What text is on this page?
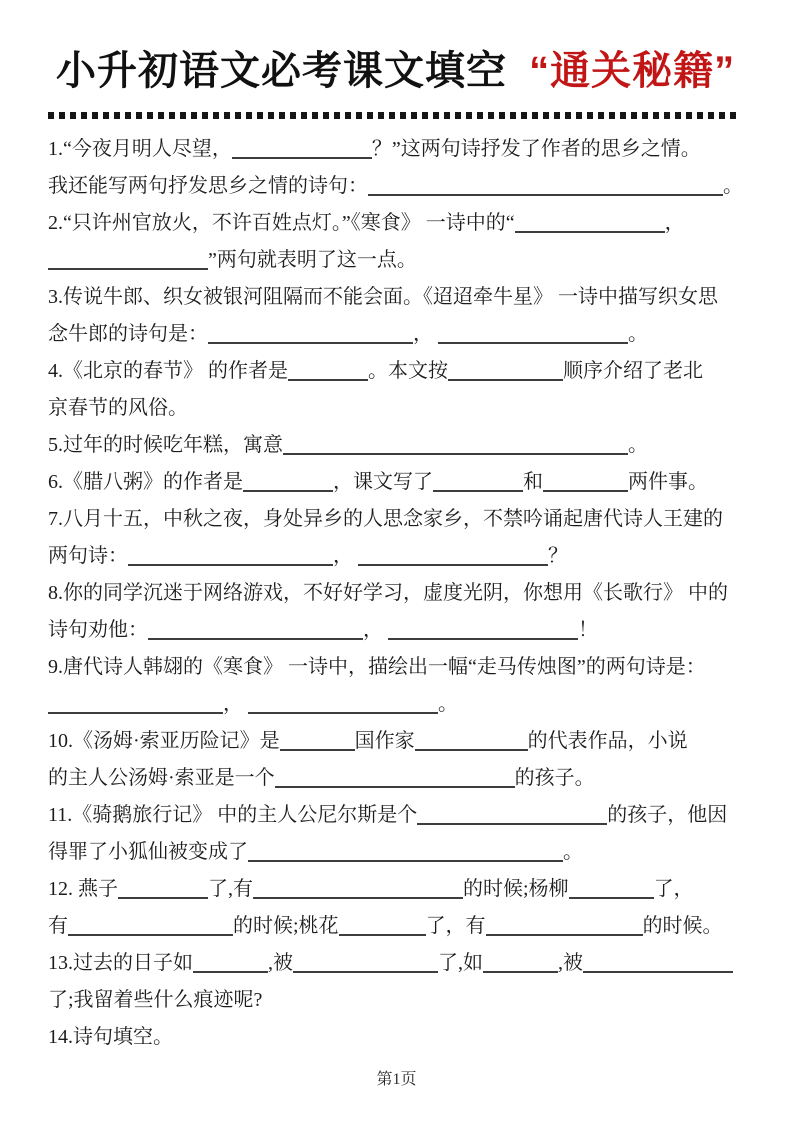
小升初语文必考课文填空 “通关秘籍”
1.“今夜月明人尽望，	？”这两句诗抒发了作者的思乡之情。
我还能写两句抒发思乡之情的诗句：	。
2.“只许州官放火，不许百姓点灯。”《寒食》 一诗中的“	，
”两句就表明了这一点。
3.传说牛郎、织女被银河阻隔而不能会面。《迢迢牵牛星》 一诗中描写织女思
念牛郎的诗句是：	，	。
4.《北京的春节》 的作者是	。本文按	顺序介绍了老北
京春节的风俗。
5.过年的时候吃年糕，寓意	。
6.《腊八粥》的作者是	，课文写了	和	两件事。
7.八月十五，中秋之夜，身处异乡的人思念家乡，不禁吟诵起唐代诗人王建的
两句诗：	，	？
8.你的同学沉迷于网络游戏，不好好学习，虚度光阴，你想用《长歌行》 中的
诗句劝他：	，	！
9.唐代诗人韩翃的《寒食》 一诗中，描绘出一幅“走马传烛图”的两句诗是：
，	。
10.《汤姆·索亚历险记》是	国作家	的代表作品，小说
的主人公汤姆·索亚是一个	的孩子。
11.《骑鹅旅行记》 中的主人公尼尔斯是个	的孩子，他因
得罪了小狐仙被变成了	。
12. 燕子	了,有	的时候;杨柳	了，
有	的时候;桃花	了，有	的时候。
13.过去的日子如	,被	了,如	,被
了;我留着些什么痕迹呢?
14.诗句填空。
第1页
